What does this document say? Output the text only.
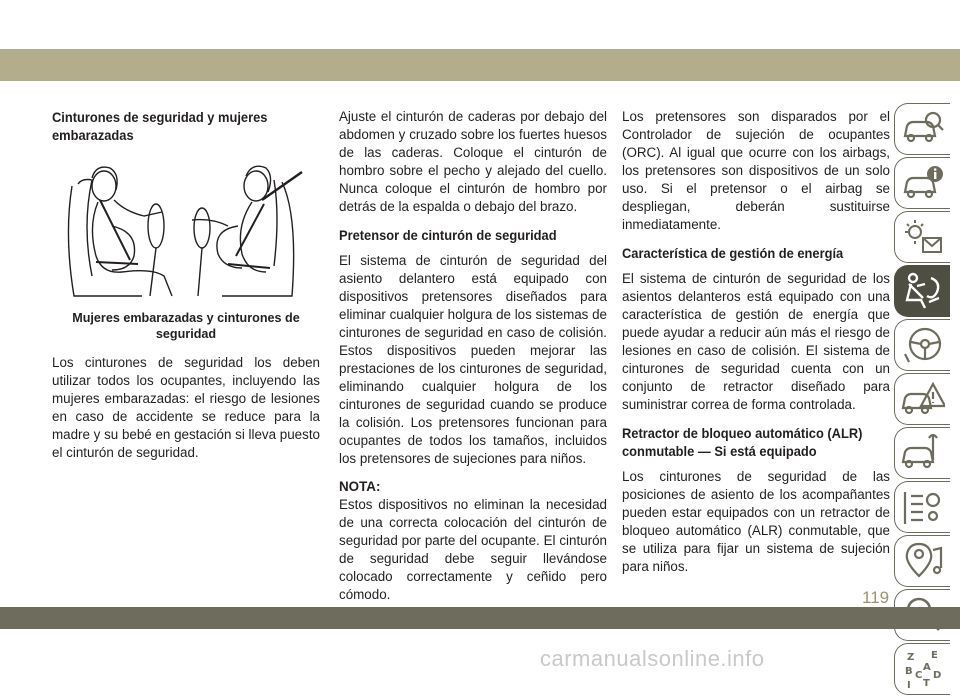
Cinturones de seguridad y mujeres embarazadas
Mujeres embarazadas y cinturones de seguridad

Los cinturones de seguridad los deben utilizar todos los ocupantes, incluyendo las mujeres embarazadas: el riesgo de lesiones en caso de accidente se reduce para la madre y su bebé en gestación si lleva puesto el cinturón de seguridad.

Ajuste el cinturón de caderas por debajo del abdomen y cruzado sobre los fuertes huesos de las caderas. Coloque el cinturón de hombro sobre el pecho y alejado del cuello. Nunca coloque el cinturón de hombro por detrás de la espalda o debajo del brazo.

Pretensor de cinturón de seguridad

El sistema de cinturón de seguridad del asiento delantero está equipado con dispositivos pretensores diseñados para eliminar cualquier holgura de los sistemas de cinturones de seguridad en caso de colisión. Estos dispositivos pueden mejorar las prestaciones de los cinturones de seguridad, eliminando cualquier holgura de los cinturones de seguridad cuando se produce la colisión. Los pretensores funcionan para ocupantes de todos los tamaños, incluidos los pretensores de sujeciones para niños.

NOTA:

Estos dispositivos no eliminan la necesidad de una correcta colocación del cinturón de seguridad por parte del ocupante. El cinturón de seguridad debe seguir llevándose colocado correctamente y ceñido pero cómodo.

Los pretensores son disparados por el Controlador de sujeción de ocupantes (ORC). Al igual que ocurre con los airbags, los pretensores son dispositivos de un solo uso. Si el pretensor o el airbag se despliegan, deberán sustituirse inmediatamente.

Característica de gestión de energía

El sistema de cinturón de seguridad de los asientos delanteros está equipado con una característica de gestión de energía que puede ayudar a reducir aún más el riesgo de lesiones en caso de colisión. El sistema de cinturones de seguridad cuenta con un conjunto de retractor diseñado para suministrar correa de forma controlada.

Retractor de bloqueo automático (ALR) conmutable — Si está equipado

Los cinturones de seguridad de las posiciones de asiento de los acompañantes pueden estar equipados con un retractor de bloqueo automático (ALR) conmutable, que se utiliza para fijar un sistema de sujeción para niños.

Z E
A
B C D
T
I
119
carmanualsonline.info
